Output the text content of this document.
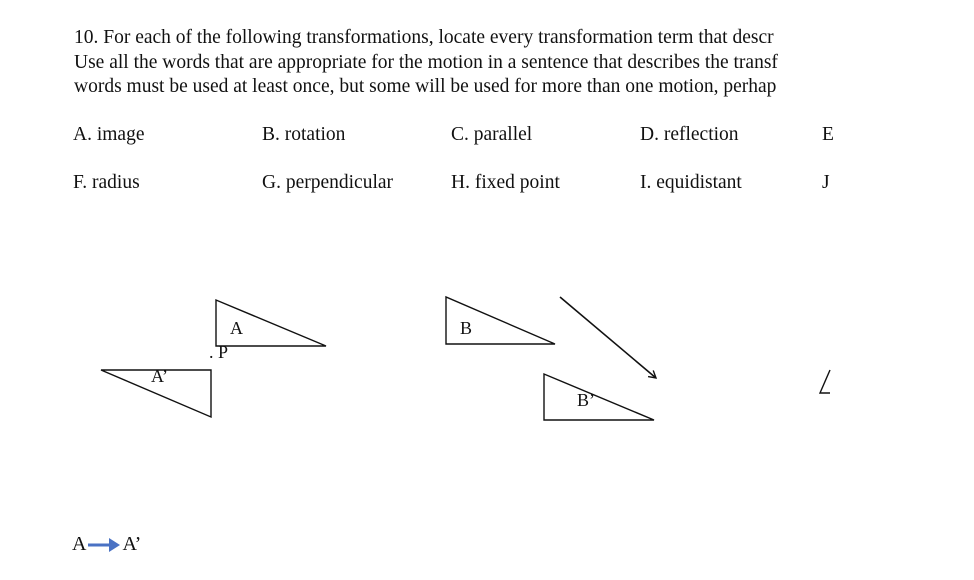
10. For each of the following transformations, locate every transformation term that descr
Use all the words that are appropriate for the motion in a sentence that describes the transf
words must be used at least once, but some will be used for more than one motion, perhap
A. image	B. rotation	C. parallel	D. reflection	E
F. radius	G. perpendicular	H. fixed point	I. equidistant	J
A
. P
A’
B
B’
A A’
